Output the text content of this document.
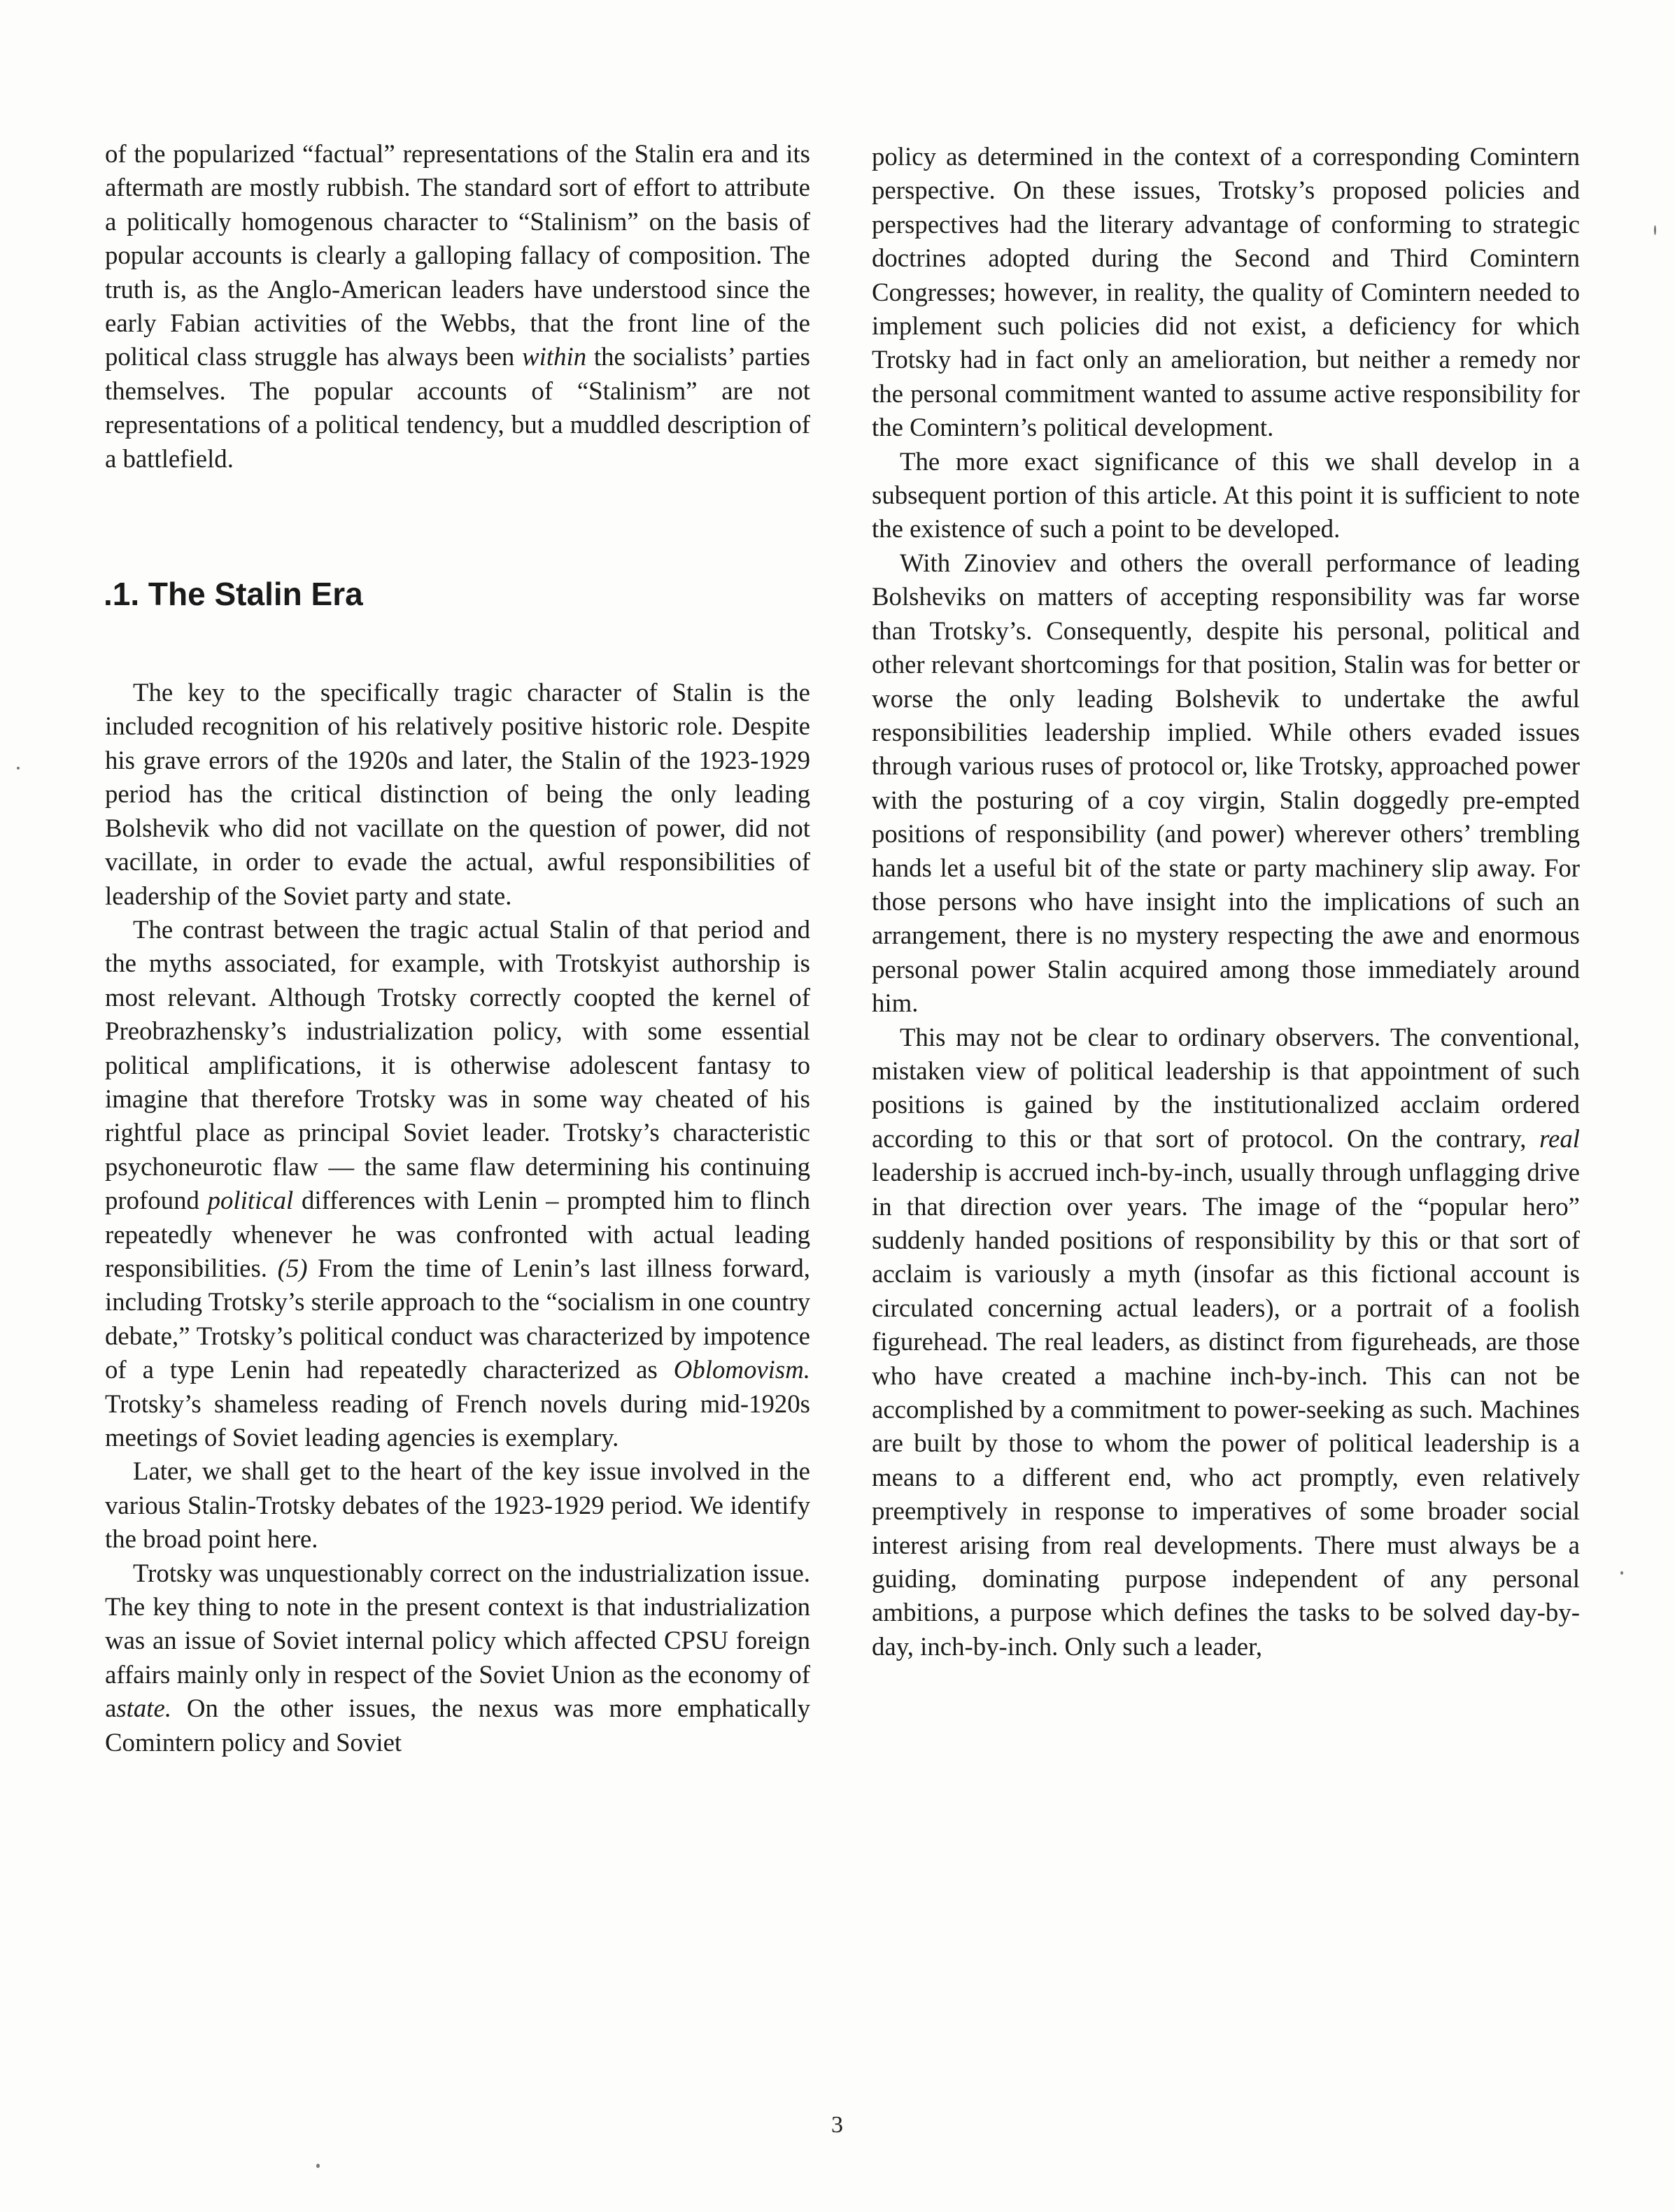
of the popularized “factual” representations of the Stalin era and its aftermath are mostly rubbish. The standard sort of effort to attribute a politically homogenous character to “Stalinism” on the basis of popular accounts is clearly a galloping fallacy of composition. The truth is, as the Anglo-American leaders have understood since the early Fabian activities of the Webbs, that the front line of the political class struggle has always been within the socialists’ parties themselves. The popular accounts of “Stalinism” are not representations of a political tendency, but a muddled description of a battlefield.

.1. The Stalin Era

The key to the specifically tragic character of Stalin is the included recognition of his relatively positive historic role. Despite his grave errors of the 1920s and later, the Stalin of the 1923-1929 period has the critical distinction of being the only leading Bolshevik who did not vacillate on the question of power, did not vacillate, in order to evade the actual, awful responsibilities of leadership of the Soviet party and state.

The contrast between the tragic actual Stalin of that period and the myths associated, for example, with Trotskyist authorship is most relevant. Although Trotsky correctly coopted the kernel of Preobrazhensky’s industrialization policy, with some essential political amplifications, it is otherwise adolescent fantasy to imagine that therefore Trotsky was in some way cheated of his rightful place as principal Soviet leader. Trotsky’s characteristic psychoneurotic flaw — the same flaw determining his continuing profound political differences with Lenin – prompted him to flinch repeatedly whenever he was confronted with actual leading responsibilities. (5) From the time of Lenin’s last illness forward, including Trotsky’s sterile approach to the “socialism in one country debate,” Trotsky’s political conduct was characterized by impotence of a type Lenin had repeatedly characterized as Oblomovism. Trotsky’s shameless reading of French novels during mid-1920s meetings of Soviet leading agencies is exemplary.

Later, we shall get to the heart of the key issue involved in the various Stalin-Trotsky debates of the 1923-1929 period. We identify the broad point here.

Trotsky was unquestionably correct on the industrialization issue. The key thing to note in the present context is that industrialization was an issue of Soviet internal policy which affected CPSU foreign affairs mainly only in respect of the Soviet Union as the economy of astate. On the other issues, the nexus was more emphatically Comintern policy and Soviet

policy as determined in the context of a corresponding Comintern perspective. On these issues, Trotsky’s proposed policies and perspectives had the literary advantage of conforming to strategic doctrines adopted during the Second and Third Comintern Congresses; however, in reality, the quality of Comintern needed to implement such policies did not exist, a deficiency for which Trotsky had in fact only an amelioration, but neither a remedy nor the personal commitment wanted to assume active responsibility for the Comintern’s political development.

The more exact significance of this we shall develop in a subsequent portion of this article. At this point it is sufficient to note the existence of such a point to be developed.

With Zinoviev and others the overall performance of leading Bolsheviks on matters of accepting responsibility was far worse than Trotsky’s. Consequently, despite his personal, political and other relevant shortcomings for that position, Stalin was for better or worse the only leading Bolshevik to undertake the awful responsibilities leadership implied. While others evaded issues through various ruses of protocol or, like Trotsky, approached power with the posturing of a coy virgin, Stalin doggedly pre-empted positions of responsibility (and power) wherever others’ trembling hands let a useful bit of the state or party machinery slip away. For those persons who have insight into the implications of such an arrangement, there is no mystery respecting the awe and enormous personal power Stalin acquired among those immediately around him.

This may not be clear to ordinary observers. The conventional, mistaken view of political leadership is that appointment of such positions is gained by the institutionalized acclaim ordered according to this or that sort of protocol. On the contrary, real leadership is accrued inch-by-inch, usually through unflagging drive in that direction over years. The image of the “popular hero” suddenly handed positions of responsibility by this or that sort of acclaim is variously a myth (insofar as this fictional account is circulated concerning actual leaders), or a portrait of a foolish figurehead. The real leaders, as distinct from figureheads, are those who have created a machine inch-by-inch. This can not be accomplished by a commitment to power-seeking as such. Machines are built by those to whom the power of political leadership is a means to a different end, who act promptly, even relatively preemptively in response to imperatives of some broader social interest arising from real developments. There must always be a guiding, dominating purpose independent of any personal ambitions, a purpose which defines the tasks to be solved day-by-day, inch-by-inch. Only such a leader,

3
